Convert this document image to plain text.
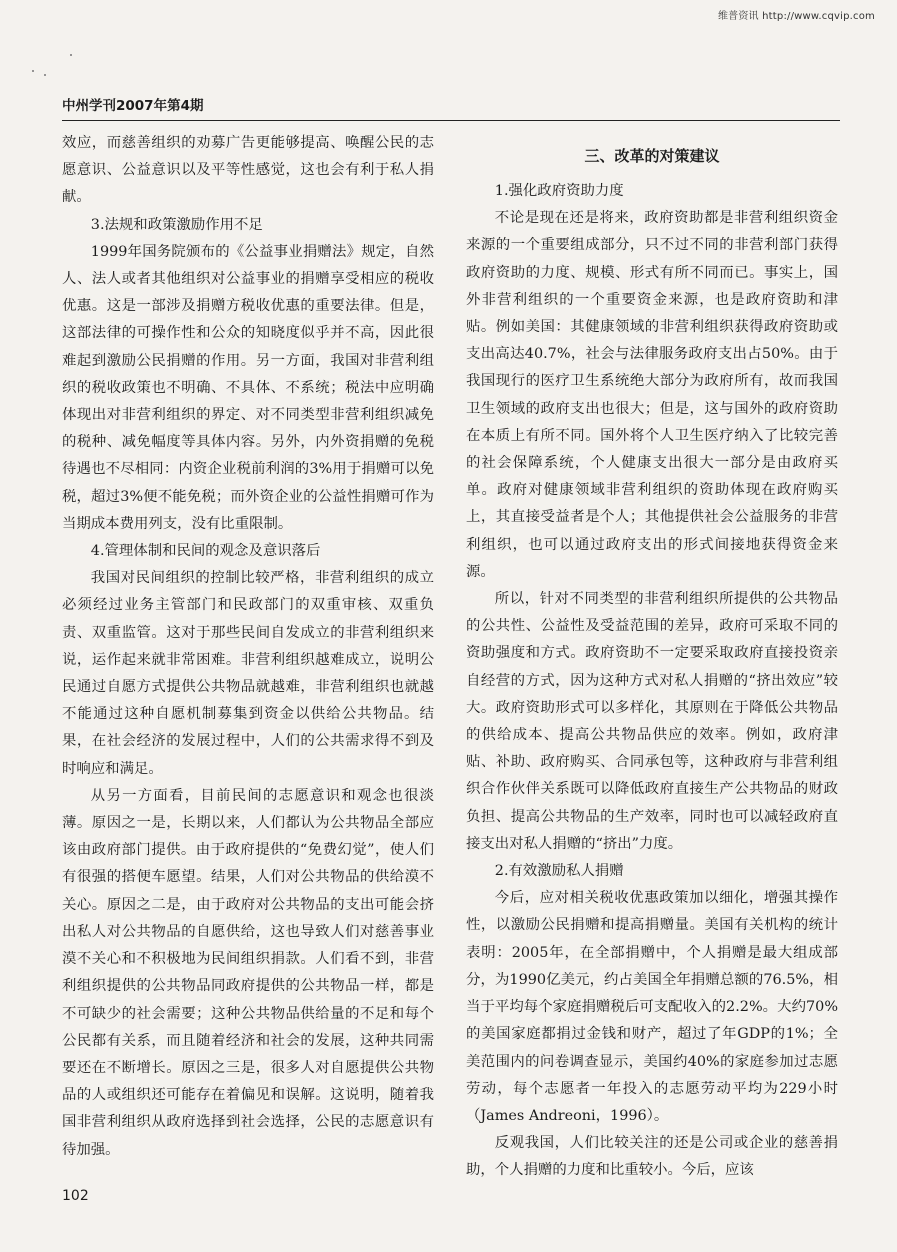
维普资讯 http://www.cqvip.com
中州学刊2007年第4期

效应，而慈善组织的劝募广告更能够提高、唤醒公民的志愿意识、公益意识以及平等性感觉，这也会有利于私人捐献。

3.法规和政策激励作用不足

1999年国务院颁布的《公益事业捐赠法》规定，自然人、法人或者其他组织对公益事业的捐赠享受相应的税收优惠。这是一部涉及捐赠方税收优惠的重要法律。但是，这部法律的可操作性和公众的知晓度似乎并不高，因此很难起到激励公民捐赠的作用。另一方面，我国对非营利组织的税收政策也不明确、不具体、不系统；税法中应明确体现出对非营利组织的界定、对不同类型非营利组织减免的税种、减免幅度等具体内容。另外，内外资捐赠的免税待遇也不尽相同：内资企业税前利润的3%用于捐赠可以免税，超过3%便不能免税；而外资企业的公益性捐赠可作为当期成本费用列支，没有比重限制。

4.管理体制和民间的观念及意识落后

我国对民间组织的控制比较严格，非营利组织的成立必须经过业务主管部门和民政部门的双重审核、双重负责、双重监管。这对于那些民间自发成立的非营利组织来说，运作起来就非常困难。非营利组织越难成立，说明公民通过自愿方式提供公共物品就越难，非营利组织也就越不能通过这种自愿机制募集到资金以供给公共物品。结果，在社会经济的发展过程中，人们的公共需求得不到及时响应和满足。

从另一方面看，目前民间的志愿意识和观念也很淡薄。原因之一是，长期以来，人们都认为公共物品全部应该由政府部门提供。由于政府提供的“免费幻觉”，使人们有很强的搭便车愿望。结果，人们对公共物品的供给漠不关心。原因之二是，由于政府对公共物品的支出可能会挤出私人对公共物品的自愿供给，这也导致人们对慈善事业漠不关心和不积极地为民间组织捐款。人们看不到，非营利组织提供的公共物品同政府提供的公共物品一样，都是不可缺少的社会需要；这种公共物品供给量的不足和每个公民都有关系，而且随着经济和社会的发展，这种共同需要还在不断增长。原因之三是，很多人对自愿提供公共物品的人或组织还可能存在着偏见和误解。这说明，随着我国非营利组织从政府选择到社会选择，公民的志愿意识有待加强。

三、改革的对策建议

1.强化政府资助力度

不论是现在还是将来，政府资助都是非营利组织资金来源的一个重要组成部分，只不过不同的非营利部门获得政府资助的力度、规模、形式有所不同而已。事实上，国外非营利组织的一个重要资金来源，也是政府资助和津贴。例如美国：其健康领域的非营利组织获得政府资助或支出高达40.7%，社会与法律服务政府支出占50%。由于我国现行的医疗卫生系统绝大部分为政府所有，故而我国卫生领域的政府支出也很大；但是，这与国外的政府资助在本质上有所不同。国外将个人卫生医疗纳入了比较完善的社会保障系统，个人健康支出很大一部分是由政府买单。政府对健康领域非营利组织的资助体现在政府购买上，其直接受益者是个人；其他提供社会公益服务的非营利组织，也可以通过政府支出的形式间接地获得资金来源。

所以，针对不同类型的非营利组织所提供的公共物品的公共性、公益性及受益范围的差异，政府可采取不同的资助强度和方式。政府资助不一定要采取政府直接投资亲自经营的方式，因为这种方式对私人捐赠的“挤出效应”较大。政府资助形式可以多样化，其原则在于降低公共物品的供给成本、提高公共物品供应的效率。例如，政府津贴、补助、政府购买、合同承包等，这种政府与非营利组织合作伙伴关系既可以降低政府直接生产公共物品的财政负担、提高公共物品的生产效率，同时也可以减轻政府直接支出对私人捐赠的“挤出”力度。

2.有效激励私人捐赠

今后，应对相关税收优惠政策加以细化，增强其操作性，以激励公民捐赠和提高捐赠量。美国有关机构的统计表明：2005年，在全部捐赠中，个人捐赠是最大组成部分，为1990亿美元，约占美国全年捐赠总额的76.5%，相当于平均每个家庭捐赠税后可支配收入的2.2%。大约70%的美国家庭都捐过金钱和财产，超过了年GDP的1%；全美范围内的问卷调查显示，美国约40%的家庭参加过志愿劳动，每个志愿者一年投入的志愿劳动平均为229小时（James Andreoni，1996）。

反观我国，人们比较关注的还是公司或企业的慈善捐助，个人捐赠的力度和比重较小。今后，应该

102
